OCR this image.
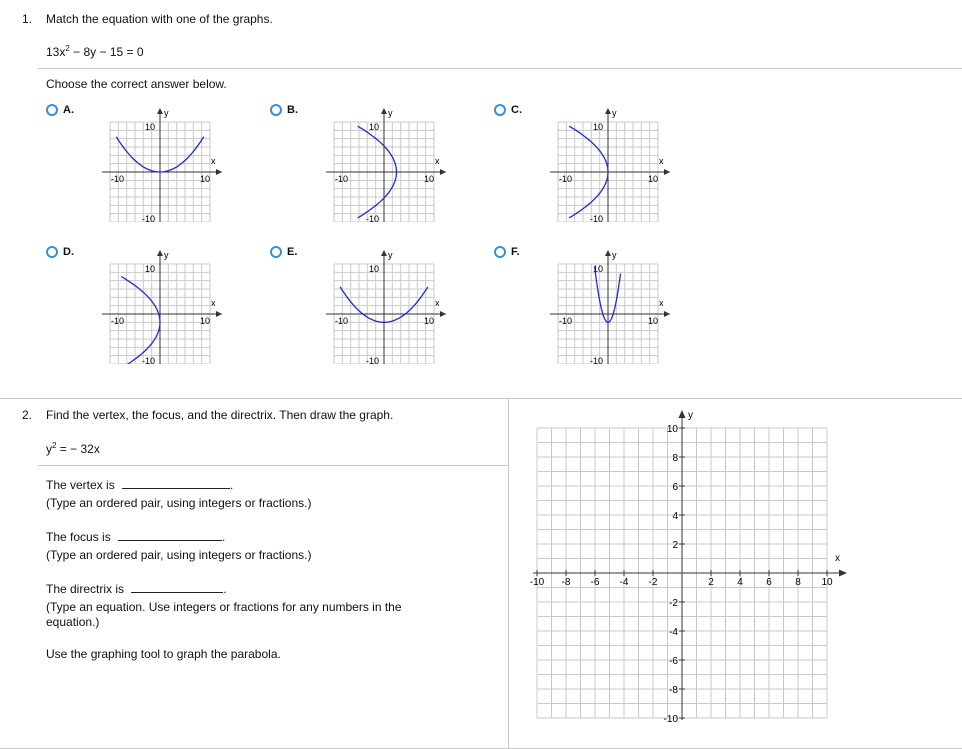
1. Match the equation with one of the graphs.
$13x^2 - 8y - 15 = 0$
Choose the correct answer below.
A.	B.	C.
D.	E.	F.
y
x
-10	10
10
-10
y
x
-10	10
10
-10
y
x
-10	10
10
-10
y
x
-10	10
10
-10
y
x
-10	10
10
-10
y
x
-10	10
10
-10
2. Find the vertex, the focus, and the directrix. Then draw the graph.
$y^2$ = − 32x
The vertex is	.
(Type an ordered pair, using integers or fractions.)
The focus is	.
(Type an ordered pair, using integers or fractions.)
The directrix is	.
(Type an equation. Use integers or fractions for any numbers in the
equation.)
Use the graphing tool to graph the parabola.
y
x
-10 -8 -6 -4 -2	2 4 6 8 10
10
8
6
4
2
-2
-4
-6
-8
-10
